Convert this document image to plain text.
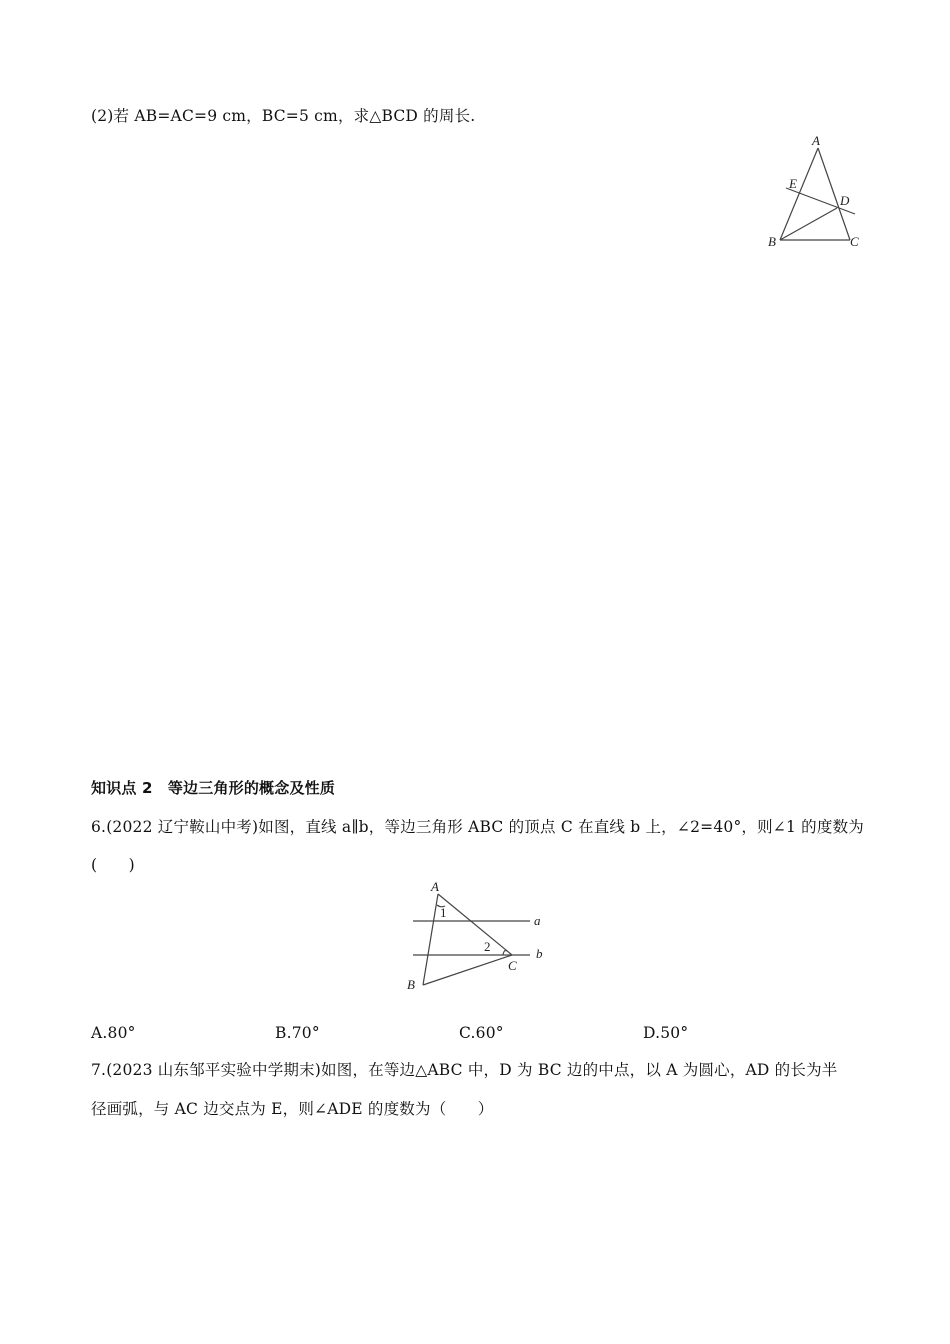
(2)若 AB=AC=9 cm，BC=5 cm，求△BCD 的周长.
A
E
D
B	C
知识点 2　等边三角形的概念及性质
6.(2022 辽宁鞍山中考)如图，直线 a∥b，等边三角形 ABC 的顶点 C 在直线 b 上，∠2=40°，则∠1 的度数为
(　　)
A
1
a
2	b
C
B
A.80°	B.70°	C.60°	D.50°
7.(2023 山东邹平实验中学期末)如图，在等边△ABC 中，D 为 BC 边的中点，以 A 为圆心，AD 的长为半
径画弧，与 AC 边交点为 E，则∠ADE 的度数为（　　）
